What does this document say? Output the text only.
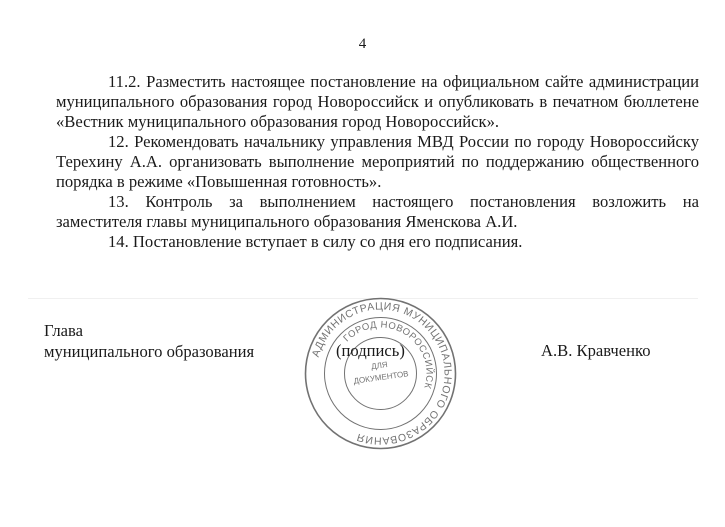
4

11.2. Разместить настоящее постановление на официальном сайте администрации муниципального образования город Новороссийск и опубликовать в печатном бюллетене «Вестник муниципального образования город Новороссийск».

12. Рекомендовать начальнику управления МВД России по городу Новороссийску Терехину А.А. организовать выполнение мероприятий по поддержанию общественного порядка в режиме «Повышенная готовность».

13. Контроль за выполнением настоящего постановления возложить на заместителя главы муниципального образования Яменскова А.И.

14. Постановление вступает в силу со дня его подписания.

Глава
муниципального образования	АДМИНИСТРАЦИЯ МУНИЦИПАЛЬНОГО ОБРАЗОВАНИЯ
ГОРОД НОВОРОССИЙСК
ДЛЯ
ДОКУМЕНТОВ
(подпись)	А.В. Кравченко
